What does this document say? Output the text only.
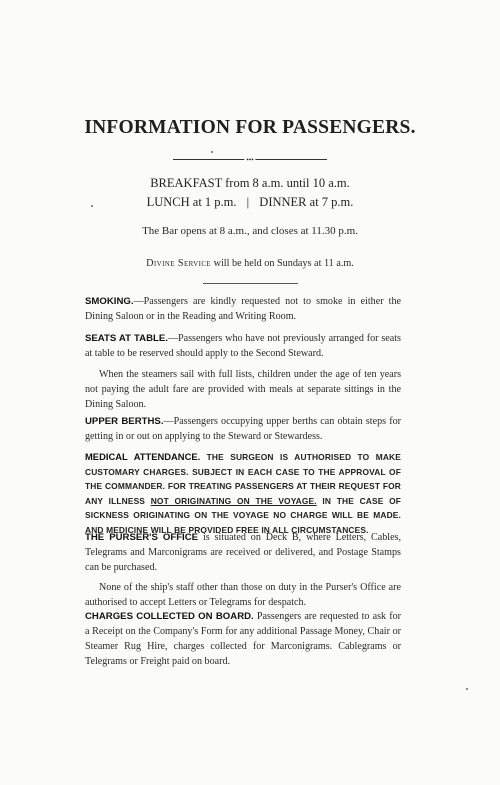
INFORMATION FOR PASSENGERS.
•••
BREAKFAST from 8 a.m. until 10 a.m.
LUNCH at 1 p.m. | DINNER at 7 p.m.
The Bar opens at 8 a.m., and closes at 11.30 p.m.
Divine Service will be held on Sundays at 11 a.m.
SMOKING.—Passengers are kindly requested not to smoke in either the Dining Saloon or in the Reading and Writing Room.
SEATS AT TABLE.—Passengers who have not previously arranged for seats at table to be reserved should apply to the Second Steward.
When the steamers sail with full lists, children under the age of ten years not paying the adult fare are provided with meals at separate sittings in the Dining Saloon.
UPPER BERTHS.—Passengers occupying upper berths can obtain steps for getting in or out on applying to the Steward or Stewardess.
MEDICAL ATTENDANCE. THE SURGEON IS AUTHORISED TO MAKE CUSTOMARY CHARGES. SUBJECT IN EACH CASE TO THE APPROVAL OF THE COMMANDER. FOR TREATING PASSENGERS AT THEIR REQUEST FOR ANY ILLNESS NOT ORIGINATING ON THE VOYAGE. IN THE CASE OF SICKNESS ORIGINATING ON THE VOYAGE NO CHARGE WILL BE MADE. AND MEDICINE WILL BE PROVIDED FREE IN ALL CIRCUMSTANCES.
THE PURSER'S OFFICE is situated on Deck B, where Letters, Cables, Telegrams and Marconigrams are received or delivered, and Postage Stamps can be purchased.
None of the ship's staff other than those on duty in the Purser's Office are authorised to accept Letters or Telegrams for despatch.
CHARGES COLLECTED ON BOARD. Passengers are requested to ask for a Receipt on the Company's Form for any additional Passage Money, Chair or Steamer Rug Hire, charges collected for Marconigrams. Cablegrams or Telegrams or Freight paid on board.
